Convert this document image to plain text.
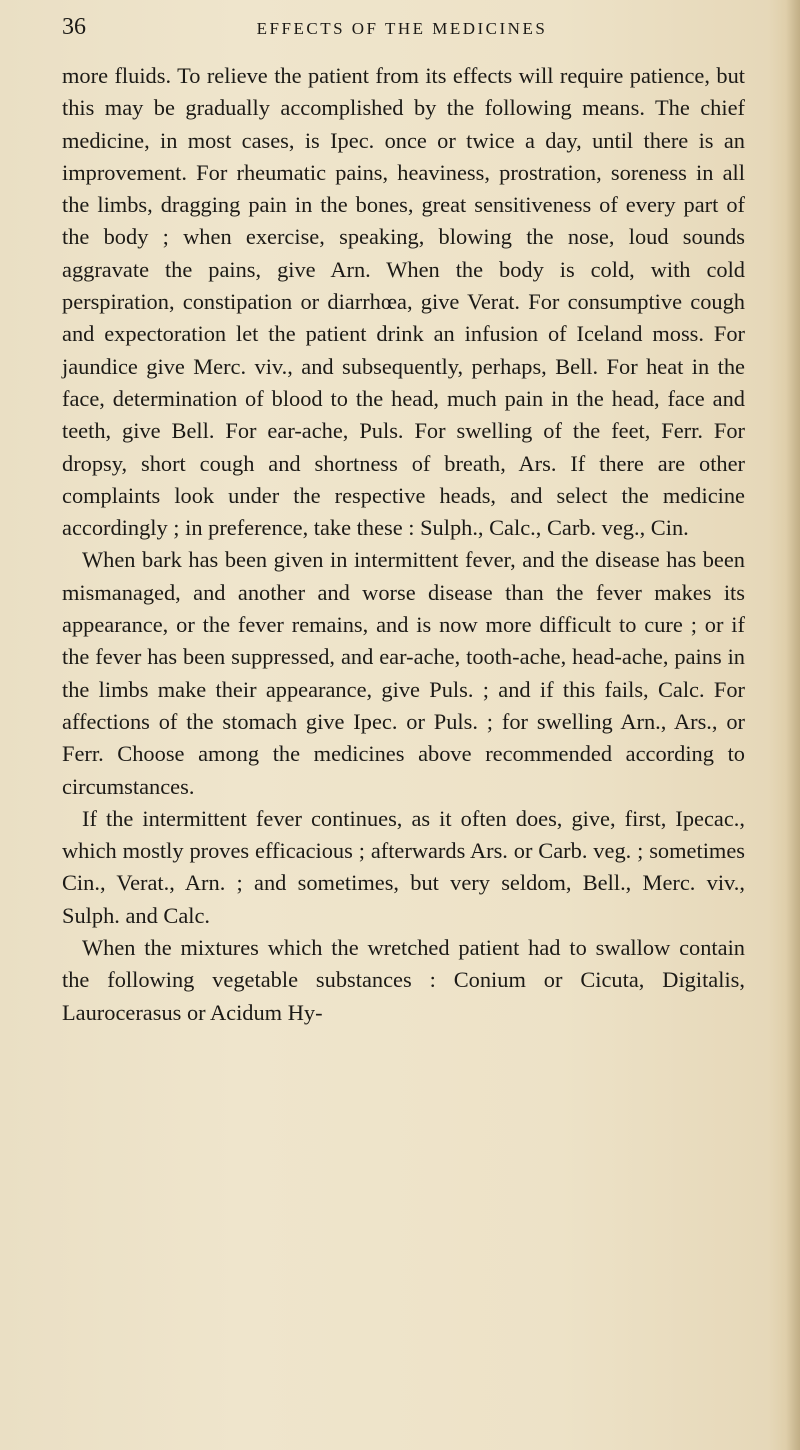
36	EFFECTS OF THE MEDICINES

more fluids. To relieve the patient from its effects will require patience, but this may be gradually accomplished by the following means. The chief medicine, in most cases, is Ipec. once or twice a day, until there is an improvement. For rheumatic pains, heaviness, prostration, soreness in all the limbs, dragging pain in the bones, great sensitiveness of every part of the body ; when exercise, speaking, blowing the nose, loud sounds aggravate the pains, give Arn. When the body is cold, with cold perspiration, constipation or diarrhœa, give Verat. For consumptive cough and expectoration let the patient drink an infusion of Iceland moss. For jaundice give Merc. viv., and subsequently, perhaps, Bell. For heat in the face, determination of blood to the head, much pain in the head, face and teeth, give Bell. For ear-ache, Puls. For swelling of the feet, Ferr. For dropsy, short cough and shortness of breath, Ars. If there are other complaints look under the respective heads, and select the medicine accordingly ; in preference, take these : Sulph., Calc., Carb. veg., Cin.

When bark has been given in intermittent fever, and the disease has been mismanaged, and another and worse disease than the fever makes its appearance, or the fever remains, and is now more difficult to cure ; or if the fever has been suppressed, and ear-ache, tooth-ache, head-ache, pains in the limbs make their appearance, give Puls. ; and if this fails, Calc. For affections of the stomach give Ipec. or Puls. ; for swelling Arn., Ars., or Ferr. Choose among the medicines above recommended according to circumstances.

If the intermittent fever continues, as it often does, give, first, Ipecac., which mostly proves efficacious ; afterwards Ars. or Carb. veg. ; sometimes Cin., Verat., Arn. ; and sometimes, but very seldom, Bell., Merc. viv., Sulph. and Calc.

When the mixtures which the wretched patient had to swallow contain the following vegetable substances : Conium or Cicuta, Digitalis, Laurocerasus or Acidum Hy-
